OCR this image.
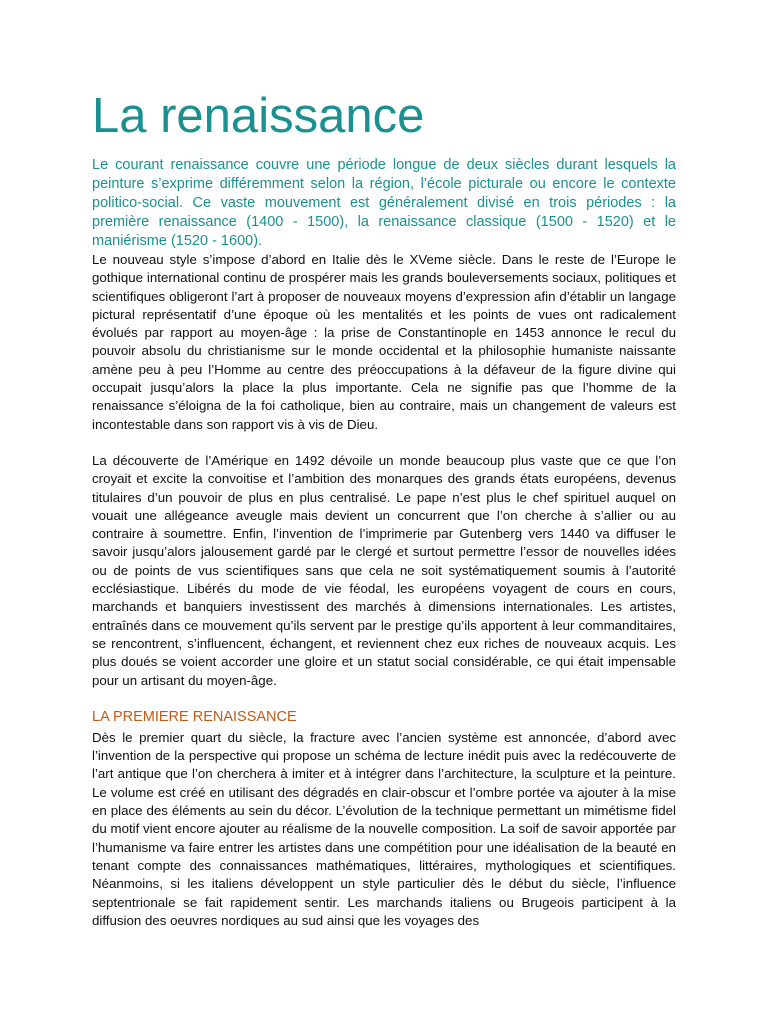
La renaissance

Le courant renaissance couvre une période longue de deux siècles durant lesquels la peinture s’exprime différemment selon la région, l’école picturale ou encore le contexte politico-social. Ce vaste mouvement est généralement divisé en trois périodes : la première renaissance (1400 - 1500), la renaissance classique (1500 - 1520) et le maniérisme (1520 - 1600).

Le nouveau style s’impose d’abord en Italie dès le XVeme siècle. Dans le reste de l’Europe le gothique international continu de prospérer mais les grands bouleversements sociaux, politiques et scientifiques obligeront l’art à proposer de nouveaux moyens d’expression afin d’établir un langage pictural représentatif d’une époque où les mentalités et les points de vues ont radicalement évolués par rapport au moyen-âge : la prise de Constantinople en 1453 annonce le recul du pouvoir absolu du christianisme sur le monde occidental et la philosophie humaniste naissante amène peu à peu l’Homme au centre des préoccupations à la défaveur de la figure divine qui occupait jusqu’alors la place la plus importante. Cela ne signifie pas que l’homme de la renaissance s’éloigna de la foi catholique, bien au contraire, mais un changement de valeurs est incontestable dans son rapport vis à vis de Dieu.

La découverte de l’Amérique en 1492 dévoile un monde beaucoup plus vaste que ce que l’on croyait et excite la convoitise et l’ambition des monarques des grands états européens, devenus titulaires d’un pouvoir de plus en plus centralisé. Le pape n’est plus le chef spirituel auquel on vouait une allégeance aveugle mais devient un concurrent que l’on cherche à s’allier ou au contraire à soumettre. Enfin, l’invention de l’imprimerie par Gutenberg vers 1440 va diffuser le savoir jusqu’alors jalousement gardé par le clergé et surtout permettre l’essor de nouvelles idées ou de points de vus scientifiques sans que cela ne soit systématiquement soumis à l’autorité ecclésiastique. Libérés du mode de vie féodal, les européens voyagent de cours en cours, marchands et banquiers investissent des marchés à dimensions internationales. Les artistes, entraînés dans ce mouvement qu’ils servent par le prestige qu’ils apportent à leur commanditaires, se rencontrent, s’influencent, échangent, et reviennent chez eux riches de nouveaux acquis. Les plus doués se voient accorder une gloire et un statut social considérable, ce qui était impensable pour un artisant du moyen-âge.

LA PREMIERE RENAISSANCE

Dès le premier quart du siècle, la fracture avec l’ancien système est annoncée, d’abord avec l’invention de la perspective qui propose un schéma de lecture inédit puis avec la redécouverte de l’art antique que l’on cherchera à imiter et à intégrer dans l’architecture, la sculpture et la peinture. Le volume est créé en utilisant des dégradés en clair-obscur et l’ombre portée va ajouter à la mise en place des éléments au sein du décor. L’évolution de la technique permettant un mimétisme fidel du motif vient encore ajouter au réalisme de la nouvelle composition. La soif de savoir apportée par l’humanisme va faire entrer les artistes dans une compétition pour une idéalisation de la beauté en tenant compte des connaissances mathématiques, littéraires, mythologiques et scientifiques. Néanmoins, si les italiens développent un style particulier dès le début du siècle, l’influence septentrionale se fait rapidement sentir. Les marchands italiens ou Brugeois participent à la diffusion des oeuvres nordiques au sud ainsi que les voyages des
